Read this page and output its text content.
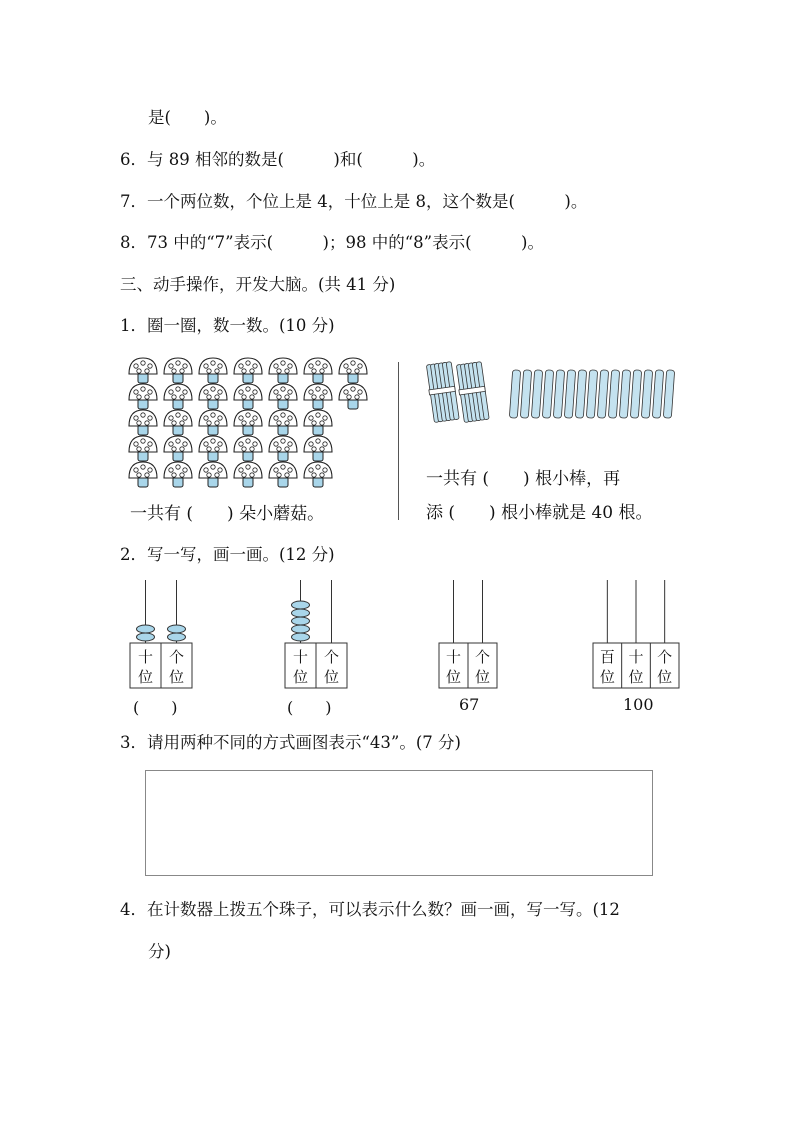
是(　　)。
6．与 89 相邻的数是(　　　)和(　　　)。
7．一个两位数，个位上是 4，十位上是 8，这个数是(　　　)。
8．73 中的“7”表示(　　　)；98 中的“8”表示(　　　)。
三、动手操作，开发大脑。(共 41 分)
1．圈一圈，数一数。(10 分)
一共有 (　　) 朵小蘑菇。
一共有 (　　) 根小棒，再
添 (　　) 根小棒就是 40 根。
2．写一写，画一画。(12 分)
十
位
个
位
十
位
个
位
十
位
个
位
百
位
十
位
个
位
(　　)	(　　)	67	100
3．请用两种不同的方式画图表示“43”。(7 分)
4．在计数器上拨五个珠子，可以表示什么数？画一画，写一写。(12
分)
